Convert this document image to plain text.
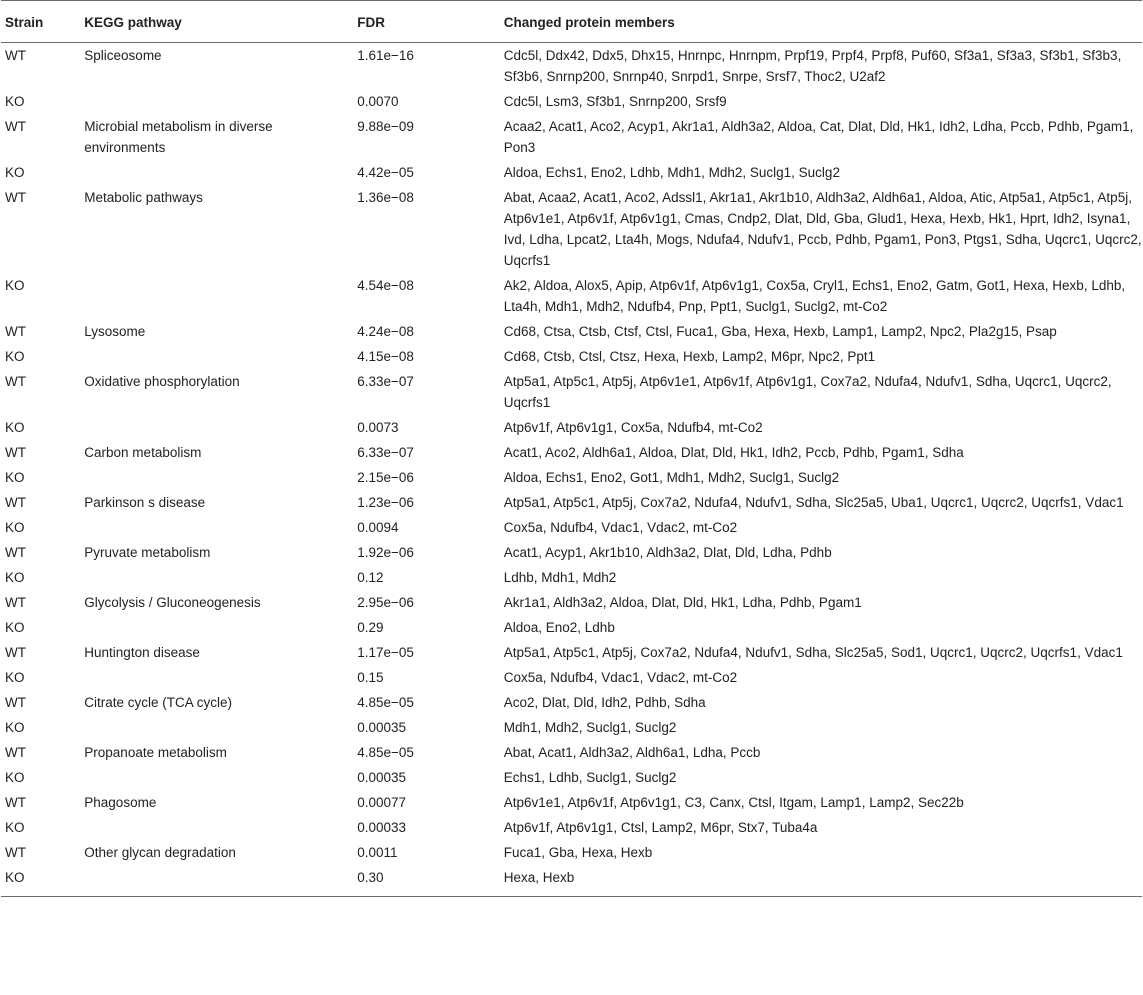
Strain	KEGG pathway	FDR	Changed protein members
WT	Spliceosome	1.61e−16	Cdc5l, Ddx42, Ddx5, Dhx15, Hnrnpc, Hnrnpm, Prpf19, Prpf4, Prpf8, Puf60, Sf3a1, Sf3a3, Sf3b1, Sf3b3, Sf3b6, Snrnp200, Snrnp40, Snrpd1, Snrpe, Srsf7, Thoc2, U2af2
KO		0.0070	Cdc5l, Lsm3, Sf3b1, Snrnp200, Srsf9
WT	Microbial metabolism in diverse environments	9.88e−09	Acaa2, Acat1, Aco2, Acyp1, Akr1a1, Aldh3a2, Aldoa, Cat, Dlat, Dld, Hk1, Idh2, Ldha, Pccb, Pdhb, Pgam1, Pon3
KO		4.42e−05	Aldoa, Echs1, Eno2, Ldhb, Mdh1, Mdh2, Suclg1, Suclg2
WT	Metabolic pathways	1.36e−08	Abat, Acaa2, Acat1, Aco2, Adssl1, Akr1a1, Akr1b10, Aldh3a2, Aldh6a1, Aldoa, Atic, Atp5a1, Atp5c1, Atp5j, Atp6v1e1, Atp6v1f, Atp6v1g1, Cmas, Cndp2, Dlat, Dld, Gba, Glud1, Hexa, Hexb, Hk1, Hprt, Idh2, Isyna1, Ivd, Ldha, Lpcat2, Lta4h, Mogs, Ndufa4, Ndufv1, Pccb, Pdhb, Pgam1, Pon3, Ptgs1, Sdha, Uqcrc1, Uqcrc2, Uqcrfs1
KO		4.54e−08	Ak2, Aldoa, Alox5, Apip, Atp6v1f, Atp6v1g1, Cox5a, Cryl1, Echs1, Eno2, Gatm, Got1, Hexa, Hexb, Ldhb, Lta4h, Mdh1, Mdh2, Ndufb4, Pnp, Ppt1, Suclg1, Suclg2, mt-Co2
WT	Lysosome	4.24e−08	Cd68, Ctsa, Ctsb, Ctsf, Ctsl, Fuca1, Gba, Hexa, Hexb, Lamp1, Lamp2, Npc2, Pla2g15, Psap
KO		4.15e−08	Cd68, Ctsb, Ctsl, Ctsz, Hexa, Hexb, Lamp2, M6pr, Npc2, Ppt1
WT	Oxidative phosphorylation	6.33e−07	Atp5a1, Atp5c1, Atp5j, Atp6v1e1, Atp6v1f, Atp6v1g1, Cox7a2, Ndufa4, Ndufv1, Sdha, Uqcrc1, Uqcrc2, Uqcrfs1
KO		0.0073	Atp6v1f, Atp6v1g1, Cox5a, Ndufb4, mt-Co2
WT	Carbon metabolism	6.33e−07	Acat1, Aco2, Aldh6a1, Aldoa, Dlat, Dld, Hk1, Idh2, Pccb, Pdhb, Pgam1, Sdha
KO		2.15e−06	Aldoa, Echs1, Eno2, Got1, Mdh1, Mdh2, Suclg1, Suclg2
WT	Parkinson s disease	1.23e−06	Atp5a1, Atp5c1, Atp5j, Cox7a2, Ndufa4, Ndufv1, Sdha, Slc25a5, Uba1, Uqcrc1, Uqcrc2, Uqcrfs1, Vdac1
KO		0.0094	Cox5a, Ndufb4, Vdac1, Vdac2, mt-Co2
WT	Pyruvate metabolism	1.92e−06	Acat1, Acyp1, Akr1b10, Aldh3a2, Dlat, Dld, Ldha, Pdhb
KO		0.12	Ldhb, Mdh1, Mdh2
WT	Glycolysis / Gluconeogenesis	2.95e−06	Akr1a1, Aldh3a2, Aldoa, Dlat, Dld, Hk1, Ldha, Pdhb, Pgam1
KO		0.29	Aldoa, Eno2, Ldhb
WT	Huntington disease	1.17e−05	Atp5a1, Atp5c1, Atp5j, Cox7a2, Ndufa4, Ndufv1, Sdha, Slc25a5, Sod1, Uqcrc1, Uqcrc2, Uqcrfs1, Vdac1
KO		0.15	Cox5a, Ndufb4, Vdac1, Vdac2, mt-Co2
WT	Citrate cycle (TCA cycle)	4.85e−05	Aco2, Dlat, Dld, Idh2, Pdhb, Sdha
KO		0.00035	Mdh1, Mdh2, Suclg1, Suclg2
WT	Propanoate metabolism	4.85e−05	Abat, Acat1, Aldh3a2, Aldh6a1, Ldha, Pccb
KO		0.00035	Echs1, Ldhb, Suclg1, Suclg2
WT	Phagosome	0.00077	Atp6v1e1, Atp6v1f, Atp6v1g1, C3, Canx, Ctsl, Itgam, Lamp1, Lamp2, Sec22b
KO		0.00033	Atp6v1f, Atp6v1g1, Ctsl, Lamp2, M6pr, Stx7, Tuba4a
WT	Other glycan degradation	0.0011	Fuca1, Gba, Hexa, Hexb
KO		0.30	Hexa, Hexb
